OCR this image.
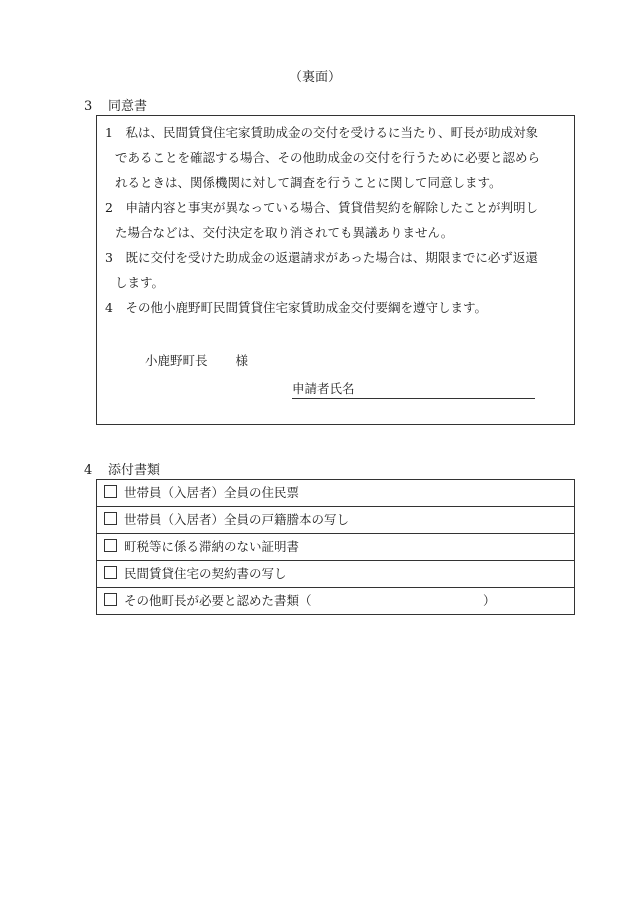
（裏面）
3 同意書
1　私は、民間賃貸住宅家賃助成金の交付を受けるに当たり、町長が助成対象
であることを確認する場合、その他助成金の交付を行うために必要と認めら
れるときは、関係機関に対して調査を行うことに関して同意します。
2　申請内容と事実が異なっている場合、賃貸借契約を解除したことが判明し
た場合などは、交付決定を取り消されても異議ありません。
3　既に交付を受けた助成金の返還請求があった場合は、期限までに必ず返還
します。
4　その他小鹿野町民間賃貸住宅家賃助成金交付要綱を遵守します。
小鹿野町長 様
申請者氏名
4 添付書類
世帯員（入居者）全員の住民票
世帯員（入居者）全員の戸籍謄本の写し
町税等に係る滞納のない証明書
民間賃貸住宅の契約書の写し
その他町長が必要と認めた書類（	）
